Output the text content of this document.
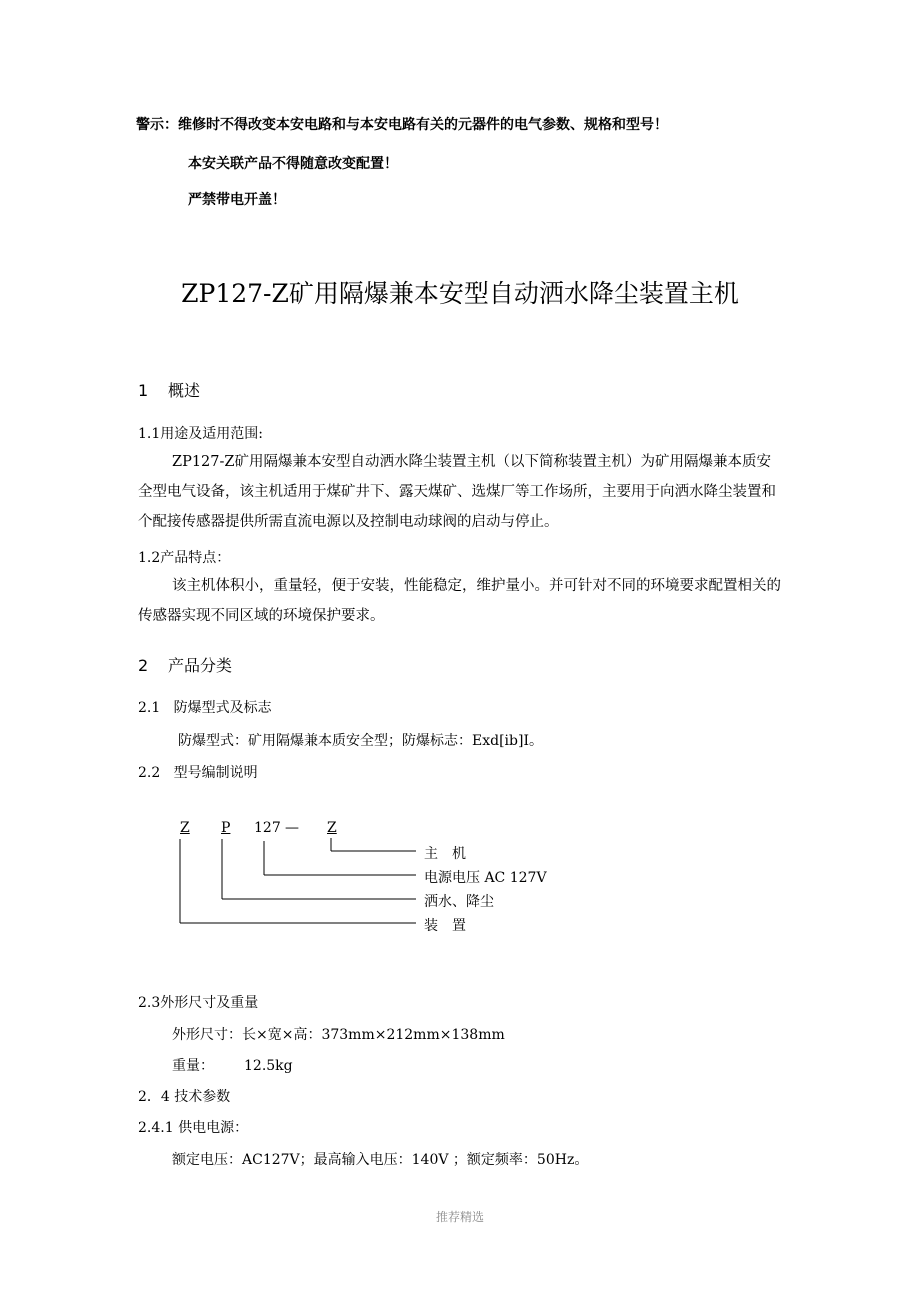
警示：维修时不得改变本安电路和与本安电路有关的元器件的电气参数、规格和型号！
本安关联产品不得随意改变配置！
严禁带电开盖！
ZP127-Z矿用隔爆兼本安型自动洒水降尘装置主机
1 概述
1.1用途及适用范围:
ZP127-Z矿用隔爆兼本安型自动洒水降尘装置主机（以下简称装置主机）为矿用隔爆兼本质安全型电气设备，该主机适用于煤矿井下、露天煤矿、选煤厂等工作场所，主要用于向洒水降尘装置和个配接传感器提供所需直流电源以及控制电动球阀的启动与停止。
1.2产品特点：
该主机体积小，重量轻，便于安装，性能稳定，维护量小。并可针对不同的环境要求配置相关的传感器实现不同区域的环境保护要求。
2 产品分类
2.1   防爆型式及标志
防爆型式：矿用隔爆兼本质安全型；防爆标志：Exd[ib]I。
2.2   型号编制说明
Z P 127 — Z
主　机
电源电压 AC 127V
洒水、降尘
装　置
2.3外形尺寸及重量
外形尺寸：长×宽×高：373mm×212mm×138mm
重量： 12.5kg
2．4 技术参数
2.4.1 供电电源：
额定电压：AC127V；最高输入电压：140V ；额定频率：50Hz。
推荐精选
